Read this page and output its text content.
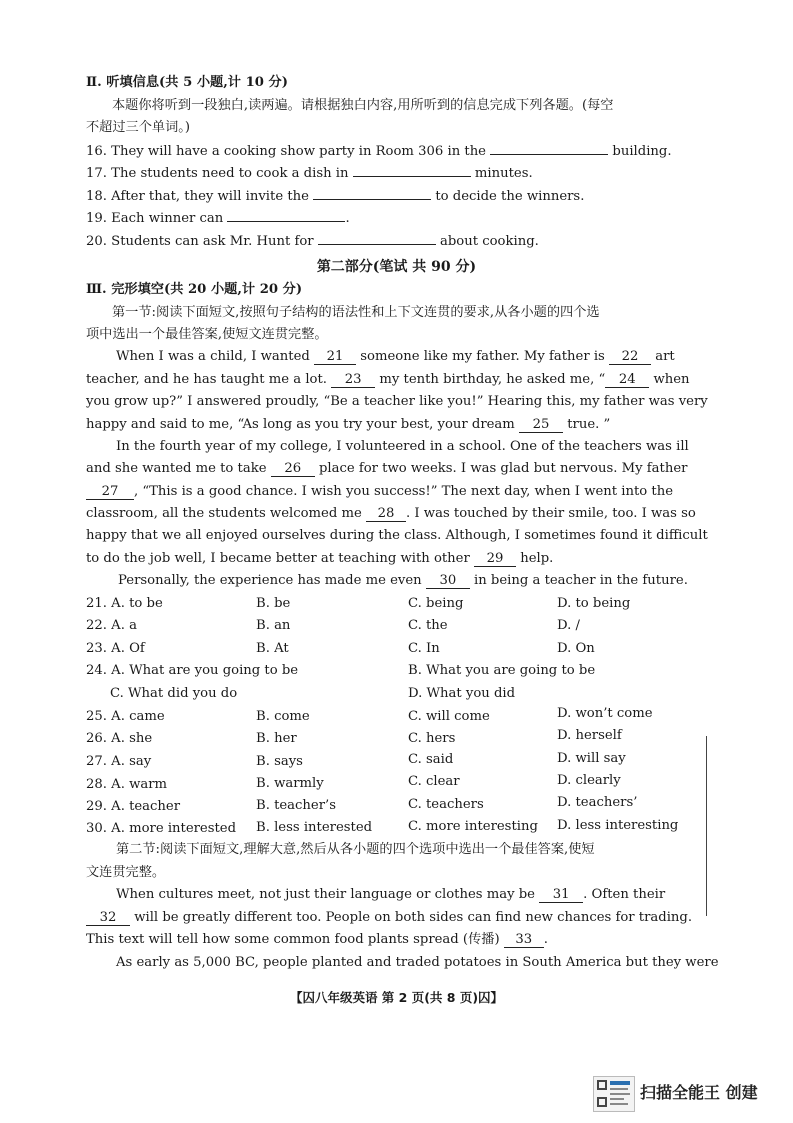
Ⅱ. 听填信息(共 5 小题,计 10 分)
本题你将听到一段独白,读两遍。请根据独白内容,用所听到的信息完成下列各题。(每空
不超过三个单词。)
16. They will have a cooking show party in Room 306 in the	building.
17. The students need to cook a dish in	minutes.
18. After that, they will invite the	to decide the winners.
19. Each winner can	.
20. Students can ask Mr. Hunt for	about cooking.
第二部分(笔试 共 90 分)
Ⅲ. 完形填空(共 20 小题,计 20 分)
第一节:阅读下面短文,按照句子结构的语法性和上下文连贯的要求,从各小题的四个选
项中选出一个最佳答案,使短文连贯完整。
When I was a child, I wanted 21 someone like my father. My father is 22 art
teacher, and he has taught me a lot. 23 my tenth birthday, he asked me, “ 24 when
you grow up?” I answered proudly, “Be a teacher like you!” Hearing this, my father was very
happy and said to me, “As long as you try your best, your dream 25 true. ”
In the fourth year of my college, I volunteered in a school. One of the teachers was ill
and she wanted me to take 26 place for two weeks. I was glad but nervous. My father
27 , “This is a good chance. I wish you success!” The next day, when I went into the
classroom, all the students welcomed me 28 . I was touched by their smile, too. I was so
happy that we all enjoyed ourselves during the class. Although, I sometimes found it difficult
to do the job well, I became better at teaching with other 29 help.
Personally, the experience has made me even 30 in being a teacher in the future.
21. A. to be	B. be	C. being	D. to being
22. A. a	B. an	C. the	D. /
23. A. Of	B. At	C. In	D. On
24. A. What are you going to be	B. What you are going to be
C. What did you do	D. What you did
25. A. came	B. come	C. will come	D. won’t come
26. A. she	B. her	C. hers	D. herself
27. A. say	B. says	C. said	D. will say
28. A. warm	B. warmly	C. clear	D. clearly
29. A. teacher	B. teacher’s	C. teachers	D. teachers’
30. A. more interested B. less interested	C. more interesting D. less interesting
第二节:阅读下面短文,理解大意,然后从各小题的四个选项中选出一个最佳答案,使短
文连贯完整。
When cultures meet, not just their language or clothes may be 31 . Often their
32 will be greatly different too. People on both sides can find new chances for trading.
This text will tell how some common food plants spread (传播) 33 .
As early as 5,000 BC, people planted and traded potatoes in South America but they were
【囚八年级英语 第 2 页(共 8 页)囚】
扫描全能王 创建
